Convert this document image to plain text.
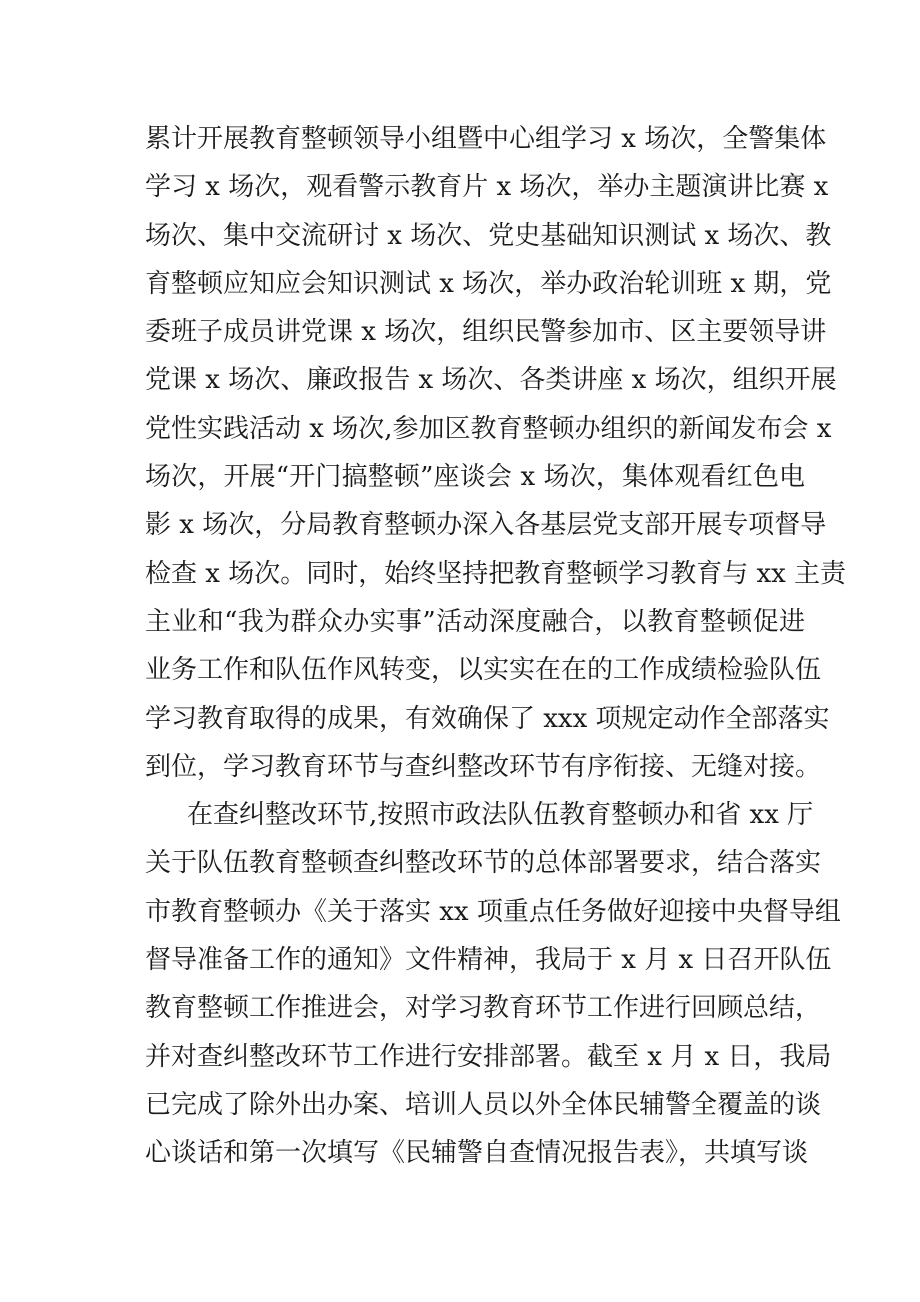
累计开展教育整顿领导小组暨中心组学习 x 场次，全警集体
学习 x 场次，观看警示教育片 x 场次，举办主题演讲比赛 x
场次、集中交流研讨 x 场次、党史基础知识测试 x 场次、教
育整顿应知应会知识测试 x 场次，举办政治轮训班 x 期，党
委班子成员讲党课 x 场次，组织民警参加市、区主要领导讲
党课 x 场次、廉政报告 x 场次、各类讲座 x 场次，组织开展
党性实践活动 x 场次,参加区教育整顿办组织的新闻发布会 x
场次，开展“开门搞整顿”座谈会 x 场次，集体观看红色电
影 x 场次，分局教育整顿办深入各基层党支部开展专项督导
检查 x 场次。同时，始终坚持把教育整顿学习教育与 xx 主责
主业和“我为群众办实事”活动深度融合，以教育整顿促进
业务工作和队伍作风转变，以实实在在的工作成绩检验队伍
学习教育取得的成果，有效确保了 xxx 项规定动作全部落实
到位，学习教育环节与查纠整改环节有序衔接、无缝对接。
在查纠整改环节,按照市政法队伍教育整顿办和省 xx 厅
关于队伍教育整顿查纠整改环节的总体部署要求，结合落实
市教育整顿办《关于落实 xx 项重点任务做好迎接中央督导组
督导准备工作的通知》文件精神，我局于 x 月 x 日召开队伍
教育整顿工作推进会，对学习教育环节工作进行回顾总结，
并对查纠整改环节工作进行安排部署。截至 x 月 x 日，我局
已完成了除外出办案、培训人员以外全体民辅警全覆盖的谈
心谈话和第一次填写《民辅警自查情况报告表》，共填写谈
